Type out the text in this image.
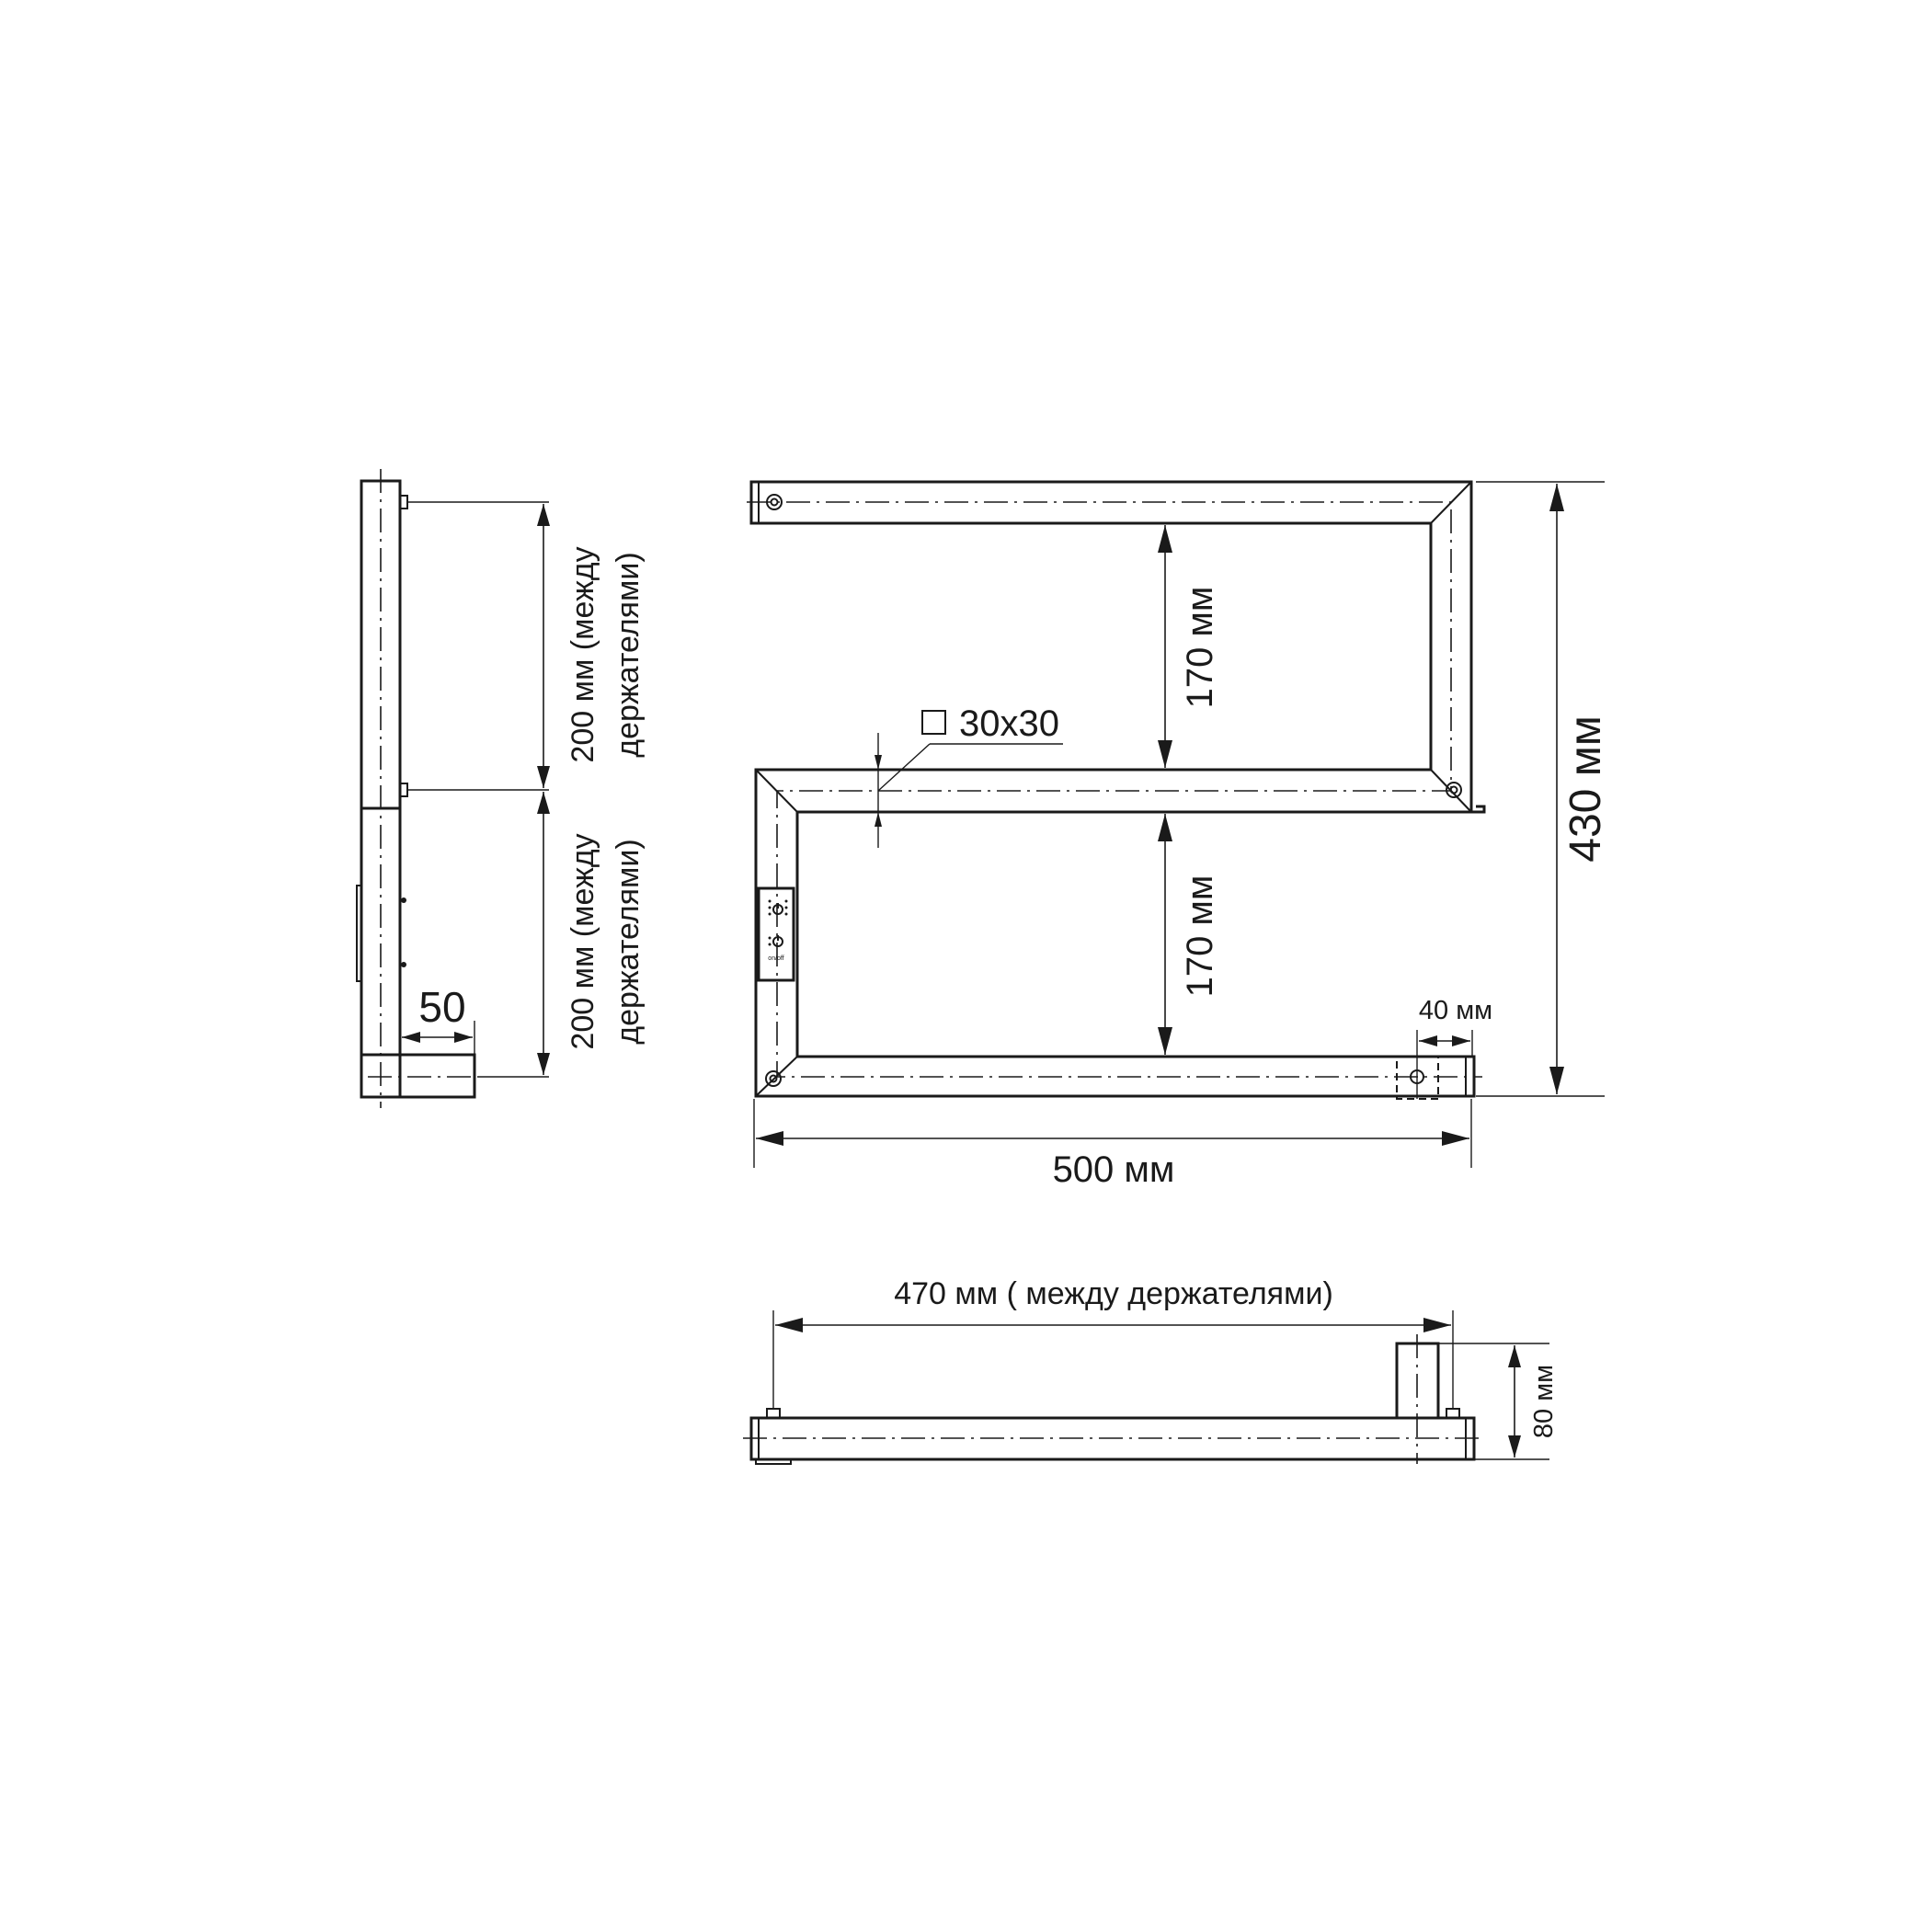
on/off
170 мм
170 мм
30x30	430 мм
500 мм
40 мм
200 мм (между держателями)
200 мм (между держателями)
50
470 мм ( между держателями)
80 мм
